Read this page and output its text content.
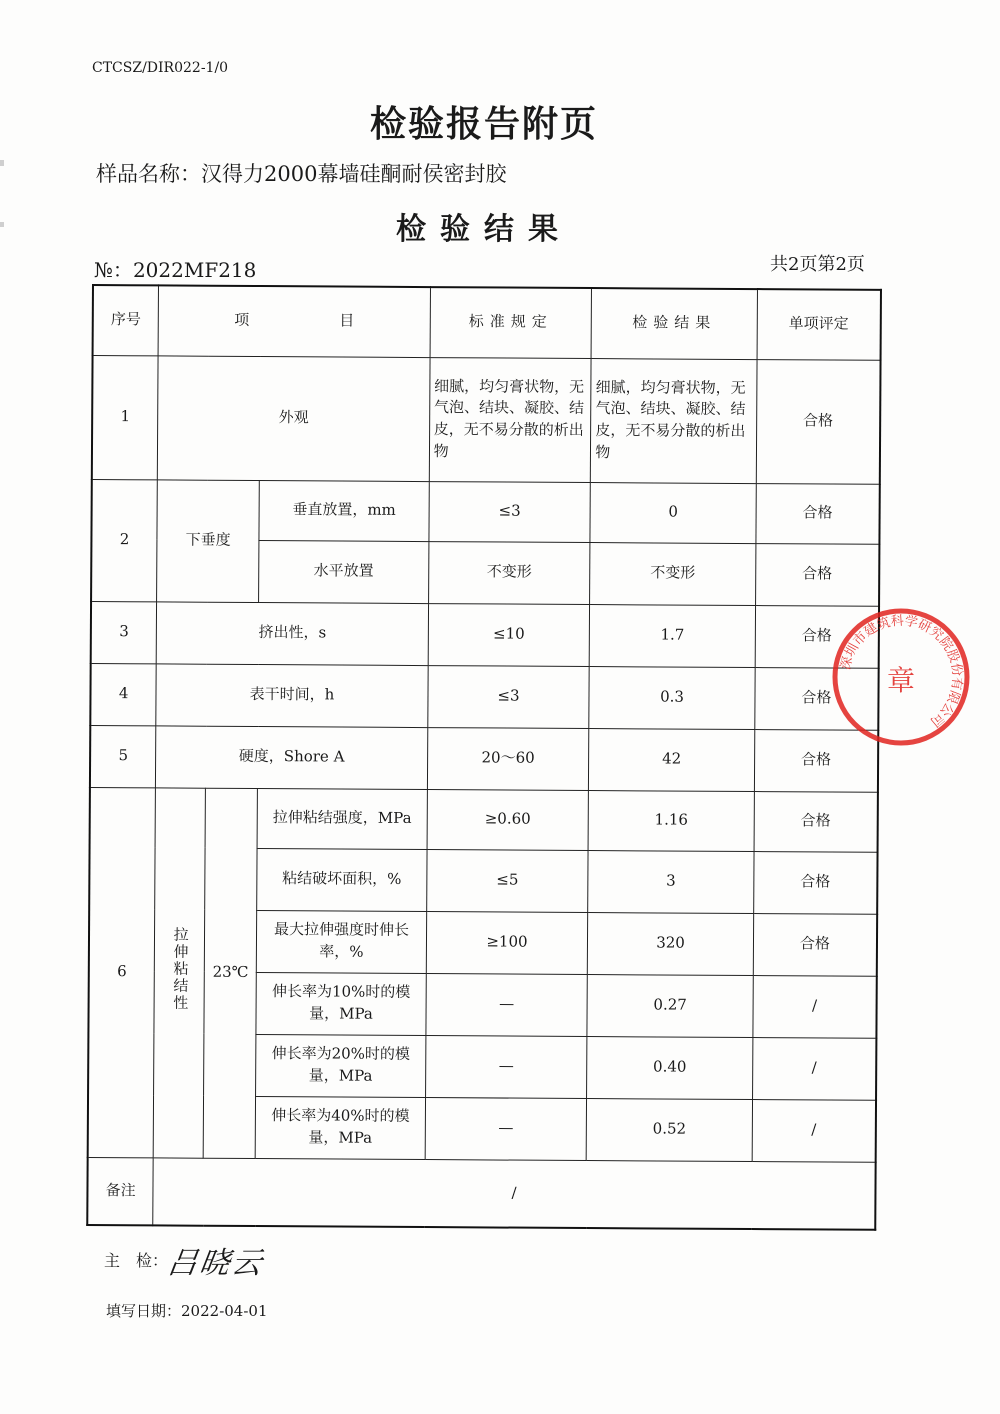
CTCSZ/DIR022-1/0
检验报告附页
样品名称：汉得力2000幕墙硅酮耐侯密封胶
检验结果
№：2022MF218	共2页第2页
序号	项 目			标准规定	检验结果	单项评定
1	外观			细腻，均匀膏状物，无气泡、结块、凝胶、结皮，无不易分散的析出物	细腻，均匀膏状物，无气泡、结块、凝胶、结皮，无不易分散的析出物	合格
2	下垂度		垂直放置，mm	≤3	0	合格
			水平放置	不变形	不变形	合格
3	挤出性，s			≤10	1.7	合格
4	表干时间，h			≤3	0.3	合格
5	硬度，Shore A			20～60	42	合格
6	拉伸粘结性	23℃	拉伸粘结强度，MPa	≥0.60	1.16	合格
			粘结破坏面积，%	≤5	3	合格
			最大拉伸强度时伸长率，%	≥100	320	合格
			伸长率为10%时的模量，MPa	—	0.27	/
			伸长率为20%时的模量，MPa	—	0.40	/
			伸长率为40%时的模量，MPa	—	0.52	/
备注	/					
深圳市建筑科学研究院股份有限公司
章
主　检：
吕晓云
填写日期：2022-04-01
